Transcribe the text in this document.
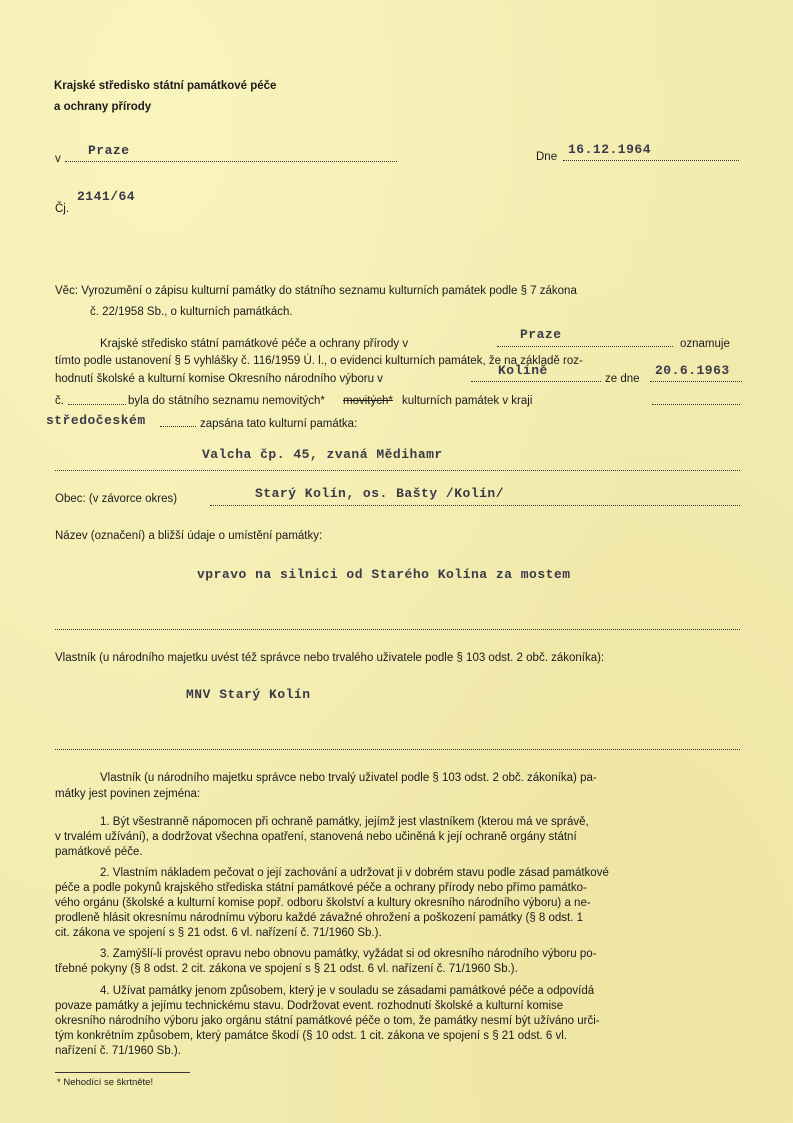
Krajské středisko státní památkové péče
a ochrany přírody
v
Praze	Dne 16.12.1964
Čj.
2141/64
Věc: Vyrozumění o zápisu kulturní památky do státního seznamu kulturních památek podle § 7 zákona
č. 22/1958 Sb., o kulturních památkách.
Krajské středisko státní památkové péče a ochrany přírody v
Praze
oznamuje
tímto podle ustanovení § 5 vyhlášky č. 116/1959 Ú. l., o evidenci kulturních památek, že na základě roz-
hodnutí školské a kulturní komise Okresního národního výboru v
Kolíně
ze dne
20.6.1963
č.	byla do státního seznamu nemovitých* movitých* kulturních památek v kraji
středočeském	zapsána tato kulturní památka:
Valcha čp. 45, zvaná Mědihamr
Obec: (v závorce okres)	Starý Kolín, os. Bašty /Kolín/
Název (označení) a bližší údaje o umístění památky:
vpravo na silnici od Starého Kolína za mostem
Vlastník (u národního majetku uvést též správce nebo trvalého uživatele podle § 103 odst. 2 obč. zákoníka):
MNV Starý Kolín
Vlastník (u národního majetku správce nebo trvalý uživatel podle § 103 odst. 2 obč. zákoníka) pa-
mátky jest povinen zejména:
1. Být všestranně nápomocen při ochraně památky, jejímž jest vlastníkem (kterou má ve správě,
v trvalém užívání), a dodržovat všechna opatření, stanovená nebo učiněná k její ochraně orgány státní
památkové péče.
2. Vlastním nákladem pečovat o její zachování a udržovat ji v dobrém stavu podle zásad památkové
péče a podle pokynů krajského střediska státní památkové péče a ochrany přírody nebo přímo památko-
vého orgánu (školské a kulturní komise popř. odboru školství a kultury okresního národního výboru) a ne-
prodleně hlásit okresnímu národnímu výboru každé závažné ohrožení a poškození památky (§ 8 odst. 1
cit. zákona ve spojení s § 21 odst. 6 vl. nařízení č. 71/1960 Sb.).
3. Zamýšlí-li provést opravu nebo obnovu památky, vyžádat si od okresního národního výboru po-
třebné pokyny (§ 8 odst. 2 cit. zákona ve spojení s § 21 odst. 6 vl. nařízení č. 71/1960 Sb.).
4. Užívat památky jenom způsobem, který je v souladu se zásadami památkové péče a odpovídá
povaze památky a jejímu technickému stavu. Dodržovat event. rozhodnutí školské a kulturní komise
okresního národního výboru jako orgánu státní památkové péče o tom, že památky nesmí být užíváno urči-
tým konkrétním způsobem, který památce škodí (§ 10 odst. 1 cit. zákona ve spojení s § 21 odst. 6 vl.
nařízení č. 71/1960 Sb.).
* Nehodící se škrtněte!
